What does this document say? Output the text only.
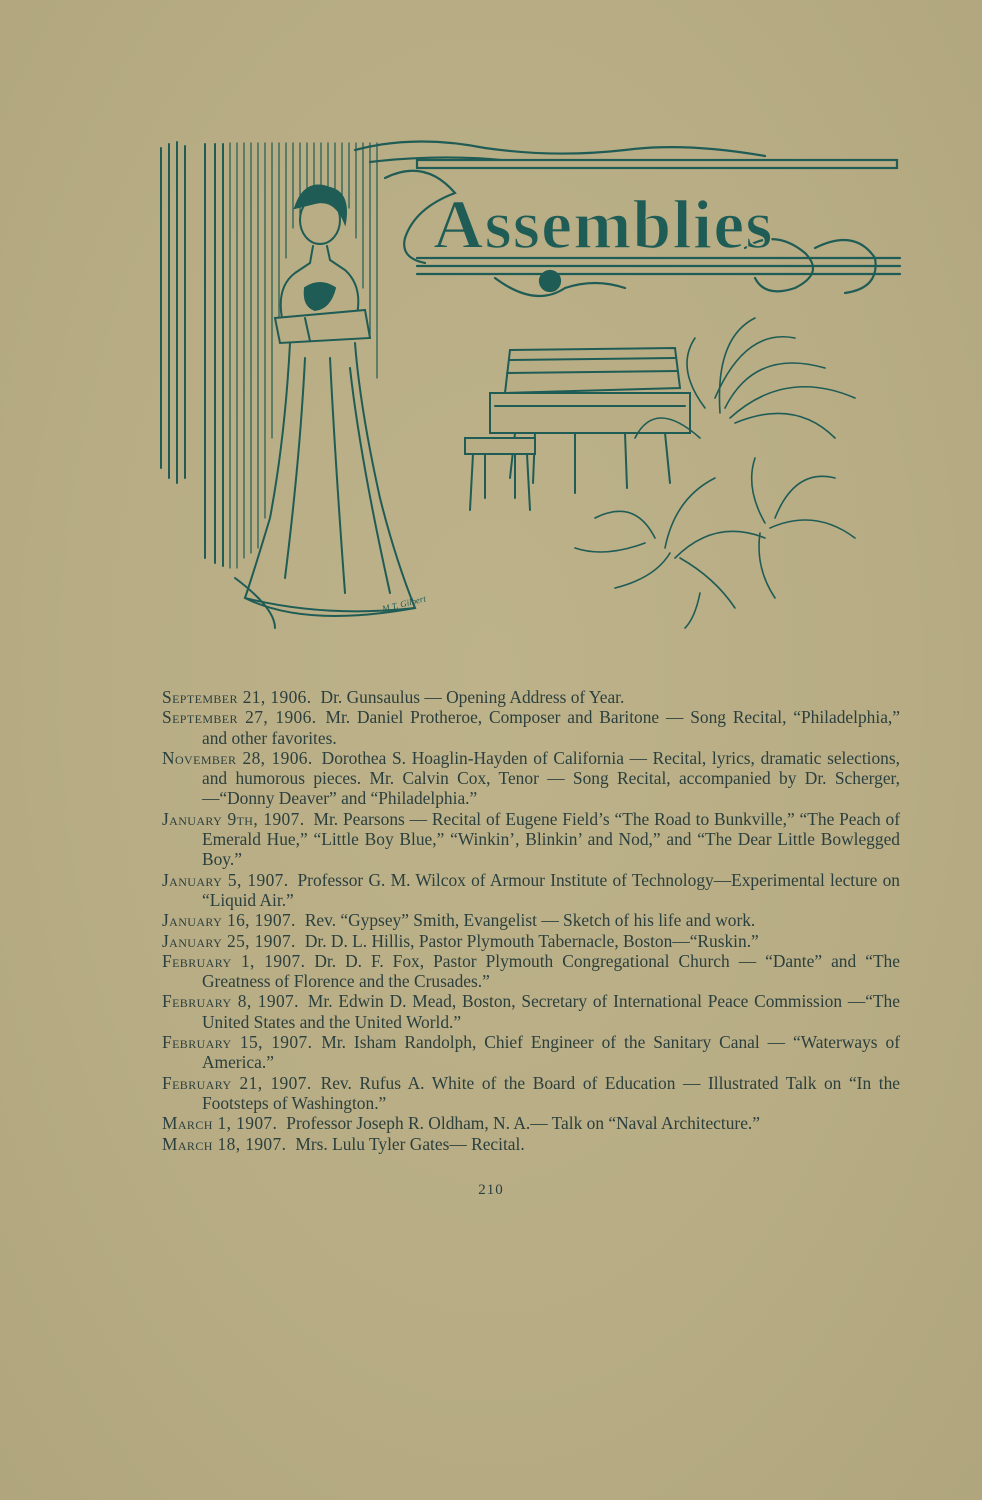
Assemblies
M.T. Gilbert

September 21, 1906. Dr. Gunsaulus — Opening Address of Year.

September 27, 1906. Mr. Daniel Protheroe, Composer and Baritone — Song Recital, “Philadelphia,” and other favorites.

November 28, 1906. Dorothea S. Hoaglin-Hayden of California — Recital, lyrics, dramatic selections, and humorous pieces. Mr. Calvin Cox, Tenor — Song Recital, accompanied by Dr. Scherger,—“Donny Deaver” and “Philadelphia.”

January 9th, 1907. Mr. Pearsons — Recital of Eugene Field’s “The Road to Bunkville,” “The Peach of Emerald Hue,” “Little Boy Blue,” “Winkin’, Blinkin’ and Nod,” and “The Dear Little Bowlegged Boy.”

January 5, 1907. Professor G. M. Wilcox of Armour Institute of Technology—Experimental lecture on “Liquid Air.”

January 16, 1907. Rev. “Gypsey” Smith, Evangelist — Sketch of his life and work.

January 25, 1907. Dr. D. L. Hillis, Pastor Plymouth Tabernacle, Boston—“Ruskin.”

February 1, 1907. Dr. D. F. Fox, Pastor Plymouth Congregational Church — “Dante” and “The Greatness of Florence and the Crusades.”

February 8, 1907. Mr. Edwin D. Mead, Boston, Secretary of International Peace Commission —“The United States and the United World.”

February 15, 1907. Mr. Isham Randolph, Chief Engineer of the Sanitary Canal — “Waterways of America.”

February 21, 1907. Rev. Rufus A. White of the Board of Education — Illustrated Talk on “In the Footsteps of Washington.”

March 1, 1907. Professor Joseph R. Oldham, N. A.— Talk on “Naval Architecture.”

March 18, 1907. Mrs. Lulu Tyler Gates— Recital.

210
